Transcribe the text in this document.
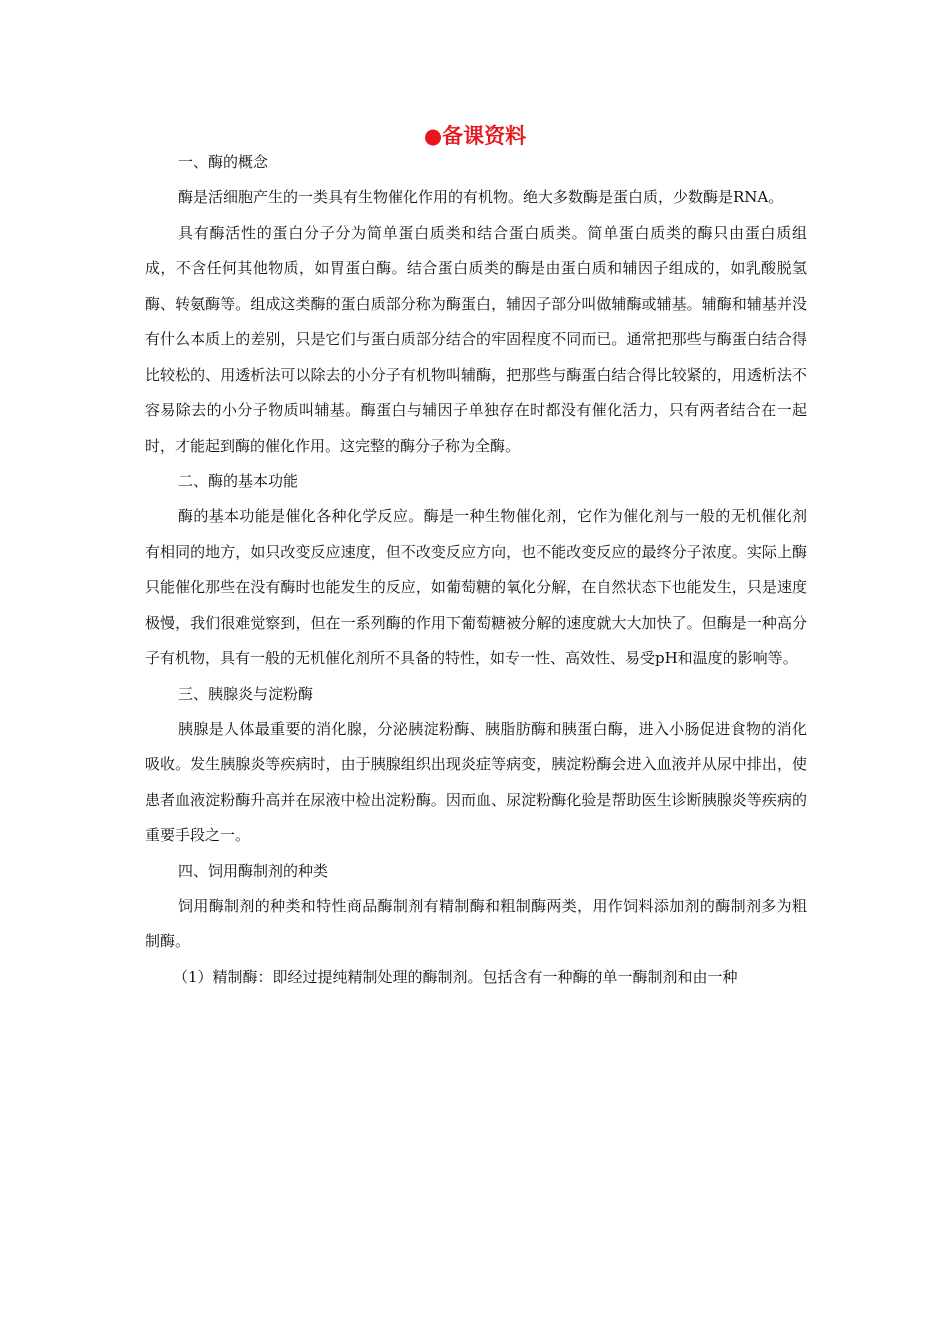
●备课资料

一、酶的概念

酶是活细胞产生的一类具有生物催化作用的有机物。绝大多数酶是蛋白质，少数酶是RNA。

具有酶活性的蛋白分子分为简单蛋白质类和结合蛋白质类。简单蛋白质类的酶只由蛋白质组成，不含任何其他物质，如胃蛋白酶。结合蛋白质类的酶是由蛋白质和辅因子组成的，如乳酸脱氢酶、转氨酶等。组成这类酶的蛋白质部分称为酶蛋白，辅因子部分叫做辅酶或辅基。辅酶和辅基并没有什么本质上的差别，只是它们与蛋白质部分结合的牢固程度不同而已。通常把那些与酶蛋白结合得比较松的、用透析法可以除去的小分子有机物叫辅酶，把那些与酶蛋白结合得比较紧的，用透析法不容易除去的小分子物质叫辅基。酶蛋白与辅因子单独存在时都没有催化活力，只有两者结合在一起时，才能起到酶的催化作用。这完整的酶分子称为全酶。

二、酶的基本功能

酶的基本功能是催化各种化学反应。酶是一种生物催化剂，它作为催化剂与一般的无机催化剂有相同的地方，如只改变反应速度，但不改变反应方向，也不能改变反应的最终分子浓度。实际上酶只能催化那些在没有酶时也能发生的反应，如葡萄糖的氧化分解，在自然状态下也能发生，只是速度极慢，我们很难觉察到，但在一系列酶的作用下葡萄糖被分解的速度就大大加快了。但酶是一种高分子有机物，具有一般的无机催化剂所不具备的特性，如专一性、高效性、易受pH和温度的影响等。

三、胰腺炎与淀粉酶

胰腺是人体最重要的消化腺，分泌胰淀粉酶、胰脂肪酶和胰蛋白酶，进入小肠促进食物的消化吸收。发生胰腺炎等疾病时，由于胰腺组织出现炎症等病变，胰淀粉酶会进入血液并从尿中排出，使患者血液淀粉酶升高并在尿液中检出淀粉酶。因而血、尿淀粉酶化验是帮助医生诊断胰腺炎等疾病的重要手段之一。

四、饲用酶制剂的种类

饲用酶制剂的种类和特性商品酶制剂有精制酶和粗制酶两类，用作饲料添加剂的酶制剂多为粗制酶。

（1）精制酶：即经过提纯精制处理的酶制剂。包括含有一种酶的单一酶制剂和由一种
